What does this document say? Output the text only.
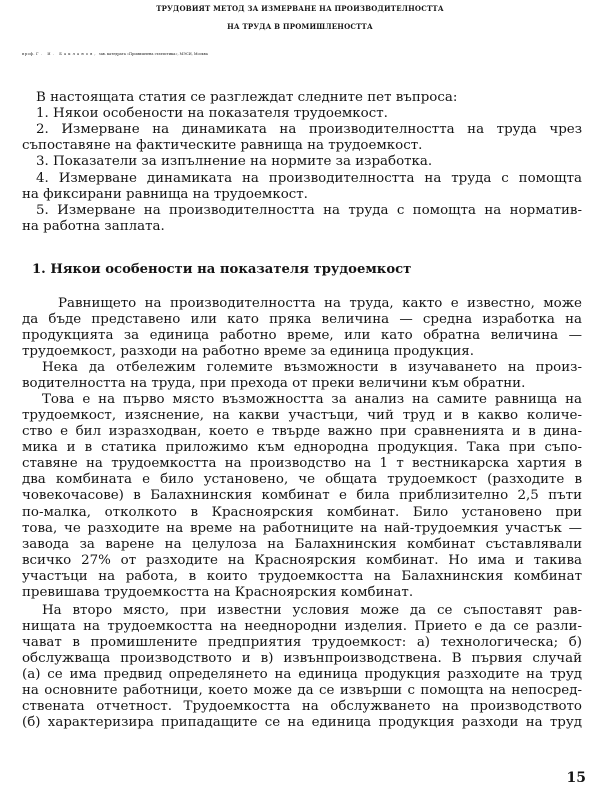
ТРУДОВИЯТ МЕТОД ЗА ИЗМЕРВАНЕ НА ПРОИЗВОДИТЕЛНОСТТА
НА ТРУДА В ПРОМИШЛЕНОСТТА
проф. Г. И. Бакланов, зав. катедрата «Промишлена статистика», МЭСИ, Москва

В настоящата статия се разглеждат следните пет въпроса:

1. Някои особености на показателя трудоемкост.

2. Измерване на динамиката на производителността на труда чрез

съпоставяне на фактическите равнища на трудоемкост.

3. Показатели за изпълнение на нормите за изработка.

4. Измерване динамиката на производителността на труда с помощта

на фиксирани равнища на трудоемкост.

5. Измерване на производителността на труда с помощта на норматив-

на работна заплата.

1. Някои особености на показателя трудоемкост

Равнището на производителността на труда, както е известно, може

да бъде представено или като пряка величина — средна изработка на

продукцията за единица работно време, или като обратна величина —

трудоемкост, разходи на работно време за единица продукция.

Нека да отбележим големите възможности в изучаването на произ-

водителността на труда, при прехода от преки величини към обратни.

Това е на първо място възможността за анализ на самите равнища на

трудоемкост, изяснение, на какви участъци, чий труд и в какво количе-

ство е бил изразходван, което е твърде важно при сравненията и в дина-

мика и в статика приложимо към еднородна продукция. Така при съпо-

ставяне на трудоемкостта на производство на 1 т вестникарска хартия в

два комбината е било установено, че общата трудоемкост (разходите в

човекочасове) в Балахнинския комбинат е била приблизително 2,5 пъти

по-малка, отколкото в Красноярския комбинат. Било установено при

това, че разходите на време на работниците на най-трудоемкия участък —

завода за варене на целулоза на Балахнинския комбинат съставлявали

всичко 27% от разходите на Красноярския комбинат. Но има и такива

участъци на работа, в които трудоемкостта на Балахнинския комбинат

превишава трудоемкостта на Красноярския комбинат.

На второ място, при известни условия може да се съпоставят рав-

нищата на трудоемкостта на нееднородни изделия. Прието е да се разли-

чават в промишлените предприятия трудоемкост: а) технологическа; б)

обслужваща производството и в) извънпроизводствена. В първия случай

(а) се има предвид определянето на единица продукция разходите на труд

на основните работници, което може да се извърши с помощта на непосред-

ствената отчетност. Трудоемкостта на обслужването на производството

(б) характеризира припадащите се на единица продукция разходи на труд

15
